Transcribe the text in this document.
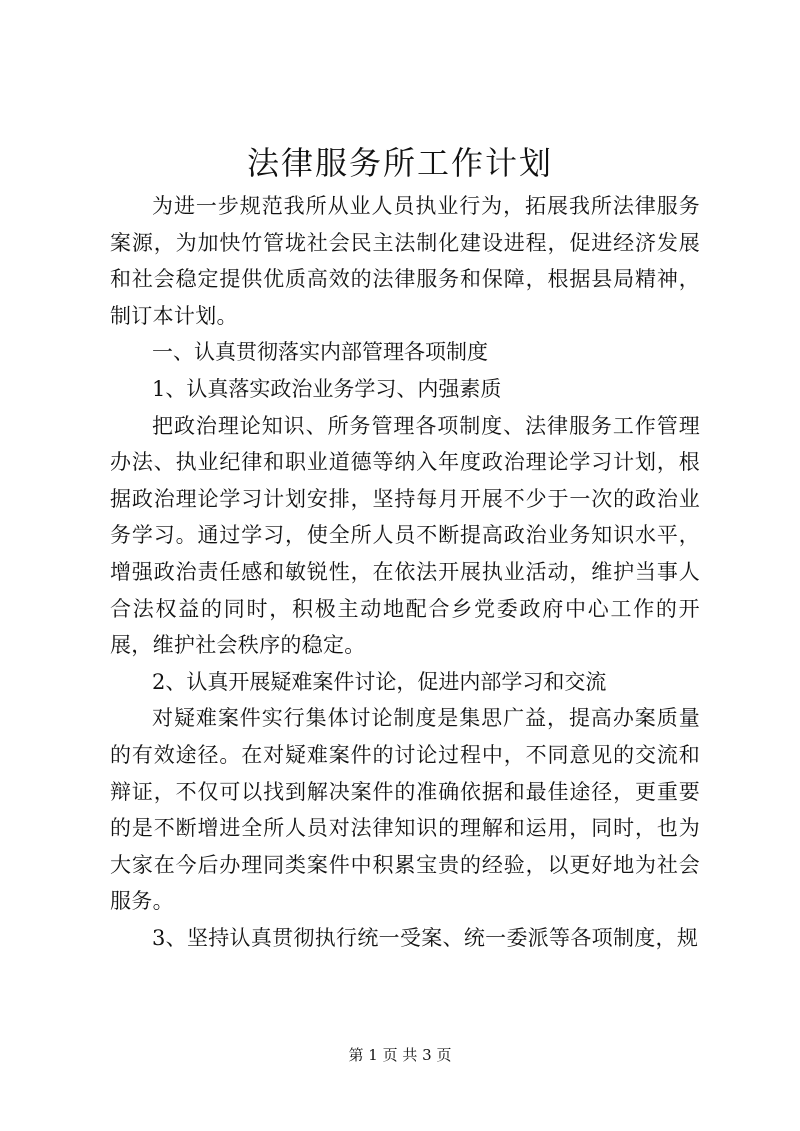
法律服务所工作计划

为进一步规范我所从业人员执业行为，拓展我所法律服务案源，为加快竹管垅社会民主法制化建设进程，促进经济发展和社会稳定提供优质高效的法律服务和保障，根据县局精神，制订本计划。

一、认真贯彻落实内部管理各项制度

1、认真落实政治业务学习、内强素质

把政治理论知识、所务管理各项制度、法律服务工作管理办法、执业纪律和职业道德等纳入年度政治理论学习计划，根据政治理论学习计划安排，坚持每月开展不少于一次的政治业务学习。通过学习，使全所人员不断提高政治业务知识水平，增强政治责任感和敏锐性，在依法开展执业活动，维护当事人合法权益的同时，积极主动地配合乡党委政府中心工作的开展，维护社会秩序的稳定。

2、认真开展疑难案件讨论，促进内部学习和交流

对疑难案件实行集体讨论制度是集思广益，提高办案质量的有效途径。在对疑难案件的讨论过程中，不同意见的交流和辩证，不仅可以找到解决案件的准确依据和最佳途径，更重要的是不断增进全所人员对法律知识的理解和运用，同时，也为大家在今后办理同类案件中积累宝贵的经验，以更好地为社会服务。

3、坚持认真贯彻执行统一受案、统一委派等各项制度，规

第 1 页 共 3 页
